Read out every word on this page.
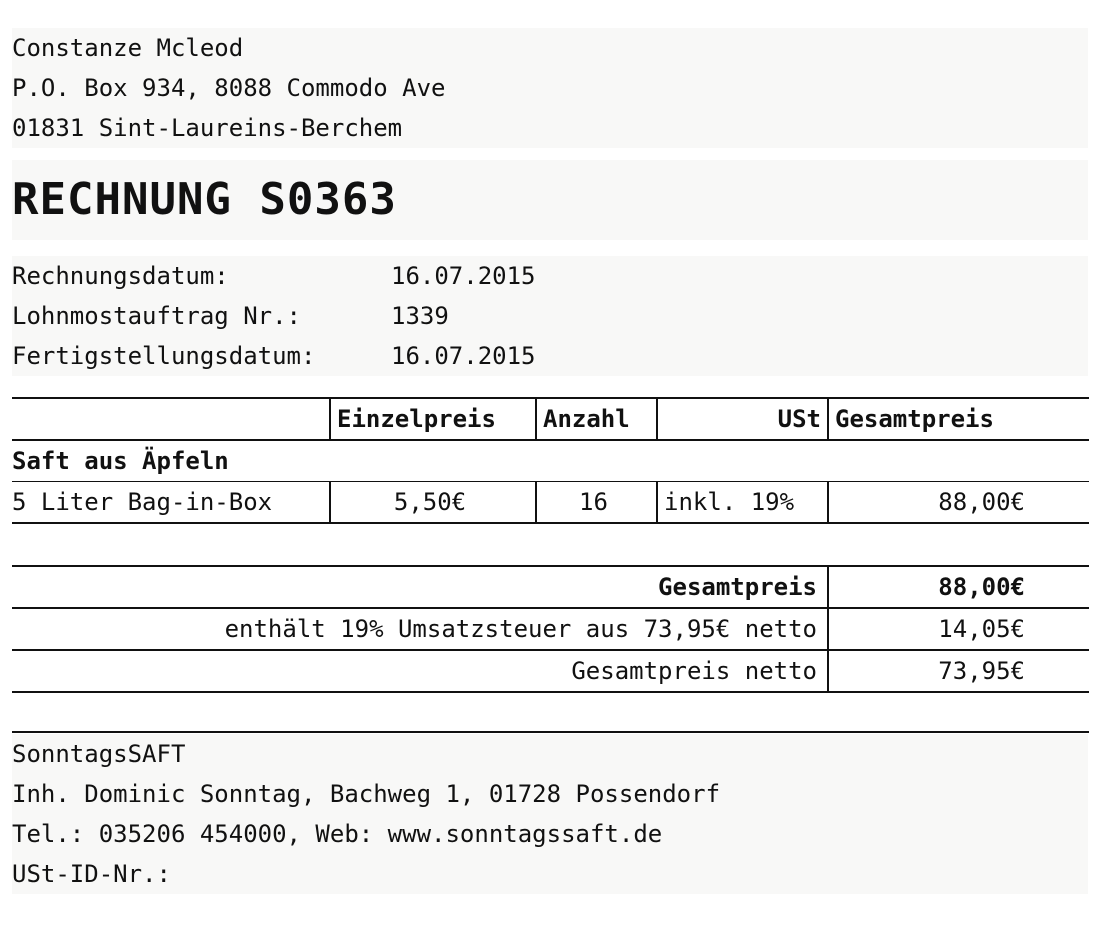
Constanze Mcleod
P.O. Box 934, 8088 Commodo Ave
01831 Sint-Laureins-Berchem
RECHNUNG S0363
Rechnungsdatum:	16.07.2015
Lohnmostauftrag Nr.:	1339
Fertigstellungsdatum:	16.07.2015
	Einzelpreis	Anzahl	USt	Gesamtpreis
Saft aus Äpfeln				
5 Liter Bag-in-Box	5,50€	16	inkl. 19%	88,00€
Gesamtpreis	88,00€
enthält 19% Umsatzsteuer aus 73,95€ netto	14,05€
Gesamtpreis netto	73,95€
SonntagsSAFT
Inh. Dominic Sonntag, Bachweg 1, 01728 Possendorf
Tel.: 035206 454000, Web: www.sonntagssaft.de
USt-ID-Nr.:
